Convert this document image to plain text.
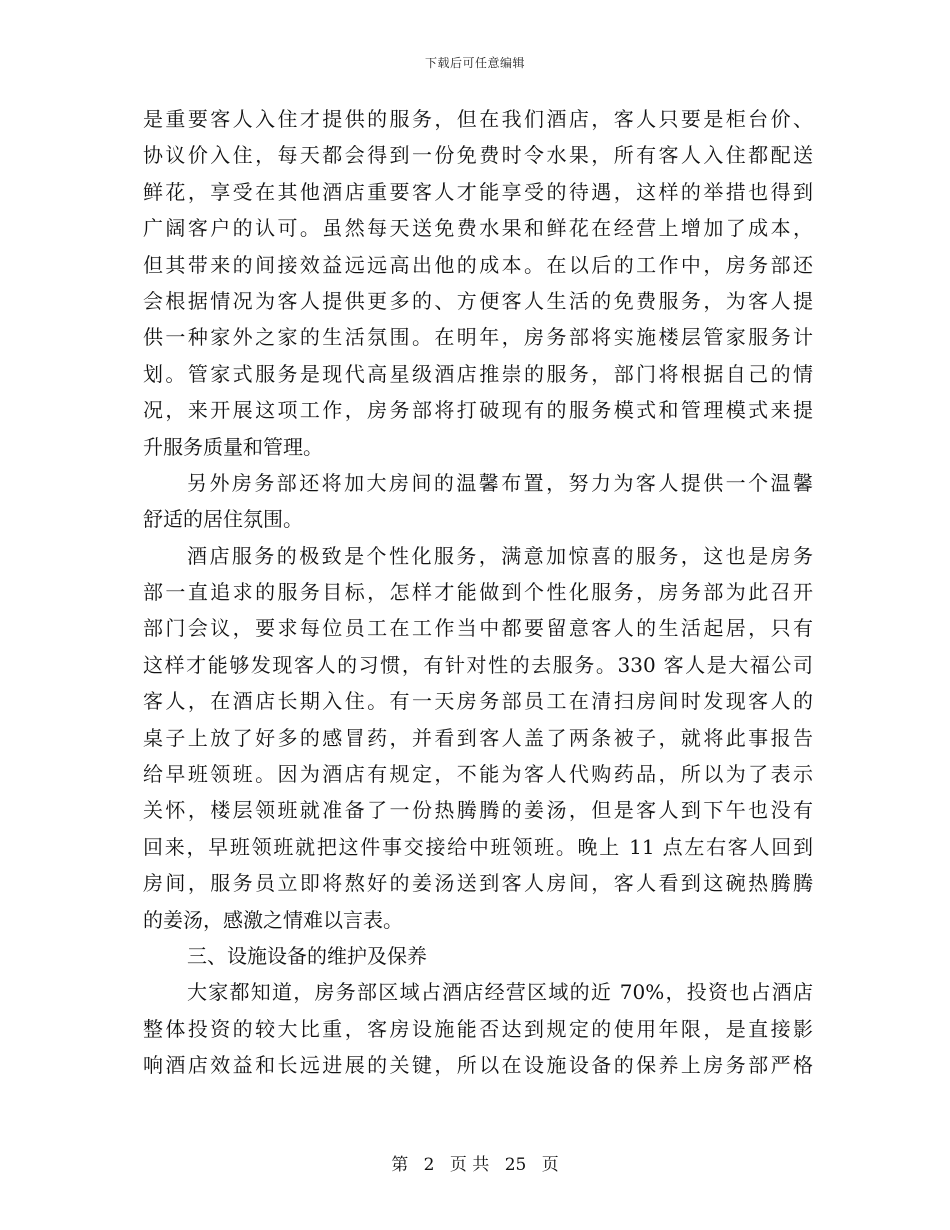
下载后可任意编辑
是重要客人入住才提供的服务，但在我们酒店，客人只要是柜台价、
协议价入住，每天都会得到一份免费时令水果，所有客人入住都配送
鲜花，享受在其他酒店重要客人才能享受的待遇，这样的举措也得到
广阔客户的认可。虽然每天送免费水果和鲜花在经营上增加了成本，
但其带来的间接效益远远高出他的成本。在以后的工作中，房务部还
会根据情况为客人提供更多的、方便客人生活的免费服务，为客人提
供一种家外之家的生活氛围。在明年，房务部将实施楼层管家服务计
划。管家式服务是现代高星级酒店推崇的服务，部门将根据自己的情
况，来开展这项工作，房务部将打破现有的服务模式和管理模式来提
升服务质量和管理。
另外房务部还将加大房间的温馨布置，努力为客人提供一个温馨
舒适的居住氛围。
酒店服务的极致是个性化服务，满意加惊喜的服务，这也是房务
部一直追求的服务目标，怎样才能做到个性化服务，房务部为此召开
部门会议，要求每位员工在工作当中都要留意客人的生活起居，只有
这样才能够发现客人的习惯，有针对性的去服务。330 客人是大福公司
客人，在酒店长期入住。有一天房务部员工在清扫房间时发现客人的
桌子上放了好多的感冒药，并看到客人盖了两条被子，就将此事报告
给早班领班。因为酒店有规定，不能为客人代购药品，所以为了表示
关怀，楼层领班就准备了一份热腾腾的姜汤，但是客人到下午也没有
回来，早班领班就把这件事交接给中班领班。晚上 11 点左右客人回到
房间，服务员立即将熬好的姜汤送到客人房间，客人看到这碗热腾腾
的姜汤，感激之情难以言表。
三、设施设备的维护及保养
大家都知道，房务部区域占酒店经营区域的近 70%，投资也占酒店
整体投资的较大比重，客房设施能否达到规定的使用年限，是直接影
响酒店效益和长远进展的关键，所以在设施设备的保养上房务部严格
第 2 页 共 25 页
